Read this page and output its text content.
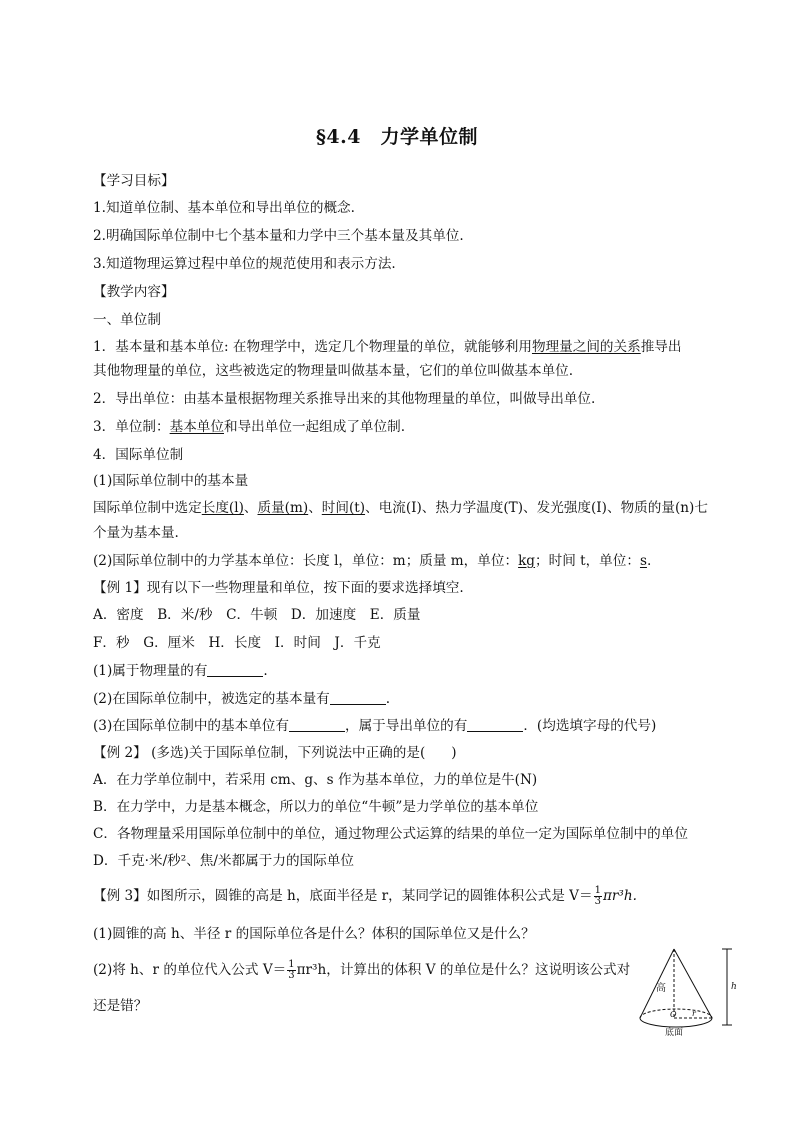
§4.4　力学单位制
【学习目标】
1.知道单位制、基本单位和导出单位的概念.
2.明确国际单位制中七个基本量和力学中三个基本量及其单位.
3.知道物理运算过程中单位的规范使用和表示方法.
【教学内容】
一、单位制
1．基本量和基本单位: 在物理学中，选定几个物理量的单位，就能够利用物理量之间的关系推导出
其他物理量的单位，这些被选定的物理量叫做基本量，它们的单位叫做基本单位.
2．导出单位：由基本量根据物理关系推导出来的其他物理量的单位，叫做导出单位.
3．单位制：基本单位和导出单位一起组成了单位制.
4．国际单位制
(1)国际单位制中的基本量
国际单位制中选定长度(l)、质量(m)、时间(t)、电流(I)、热力学温度(T)、发光强度(I)、物质的量(n)七
个量为基本量.
(2)国际单位制中的力学基本单位：长度 l，单位：m；质量 m，单位：kg；时间 t，单位：s.
【例 1】现有以下一些物理量和单位，按下面的要求选择填空.
A．密度　B．米/秒　C．牛顿　D．加速度　E．质量
F．秒　G．厘米　H．长度　I．时间　J．千克
(1)属于物理量的有	.
(2)在国际单位制中，被选定的基本量有	.
(3)在国际单位制中的基本单位有	，属于导出单位的有	．(均选填字母的代号)
【例 2】 (多选)关于国际单位制，下列说法中正确的是( )
A．在力学单位制中，若采用 cm、g、s 作为基本单位，力的单位是牛(N)
B．在力学中，力是基本概念，所以力的单位“牛顿”是力学单位的基本单位
C．各物理量采用国际单位制中的单位，通过物理公式运算的结果的单位一定为国际单位制中的单位
D．千克·米/秒²、焦/米都属于力的国际单位
【例 3】如图所示，圆锥的高是 h，底面半径是 r，某同学记的圆锥体积公式是 $V= \frac{1}{3} \pi r^3h$.
(1)圆锥的高 h、半径 r 的国际单位各是什么？体积的国际单位又是什么？
(2)将 h、r 的单位代入公式 $V= \frac{1}{3} \pi r^3h$，计算出的体积 V 的单位是什么？这说明该公式对
还是错？
高	h
O r
底面
